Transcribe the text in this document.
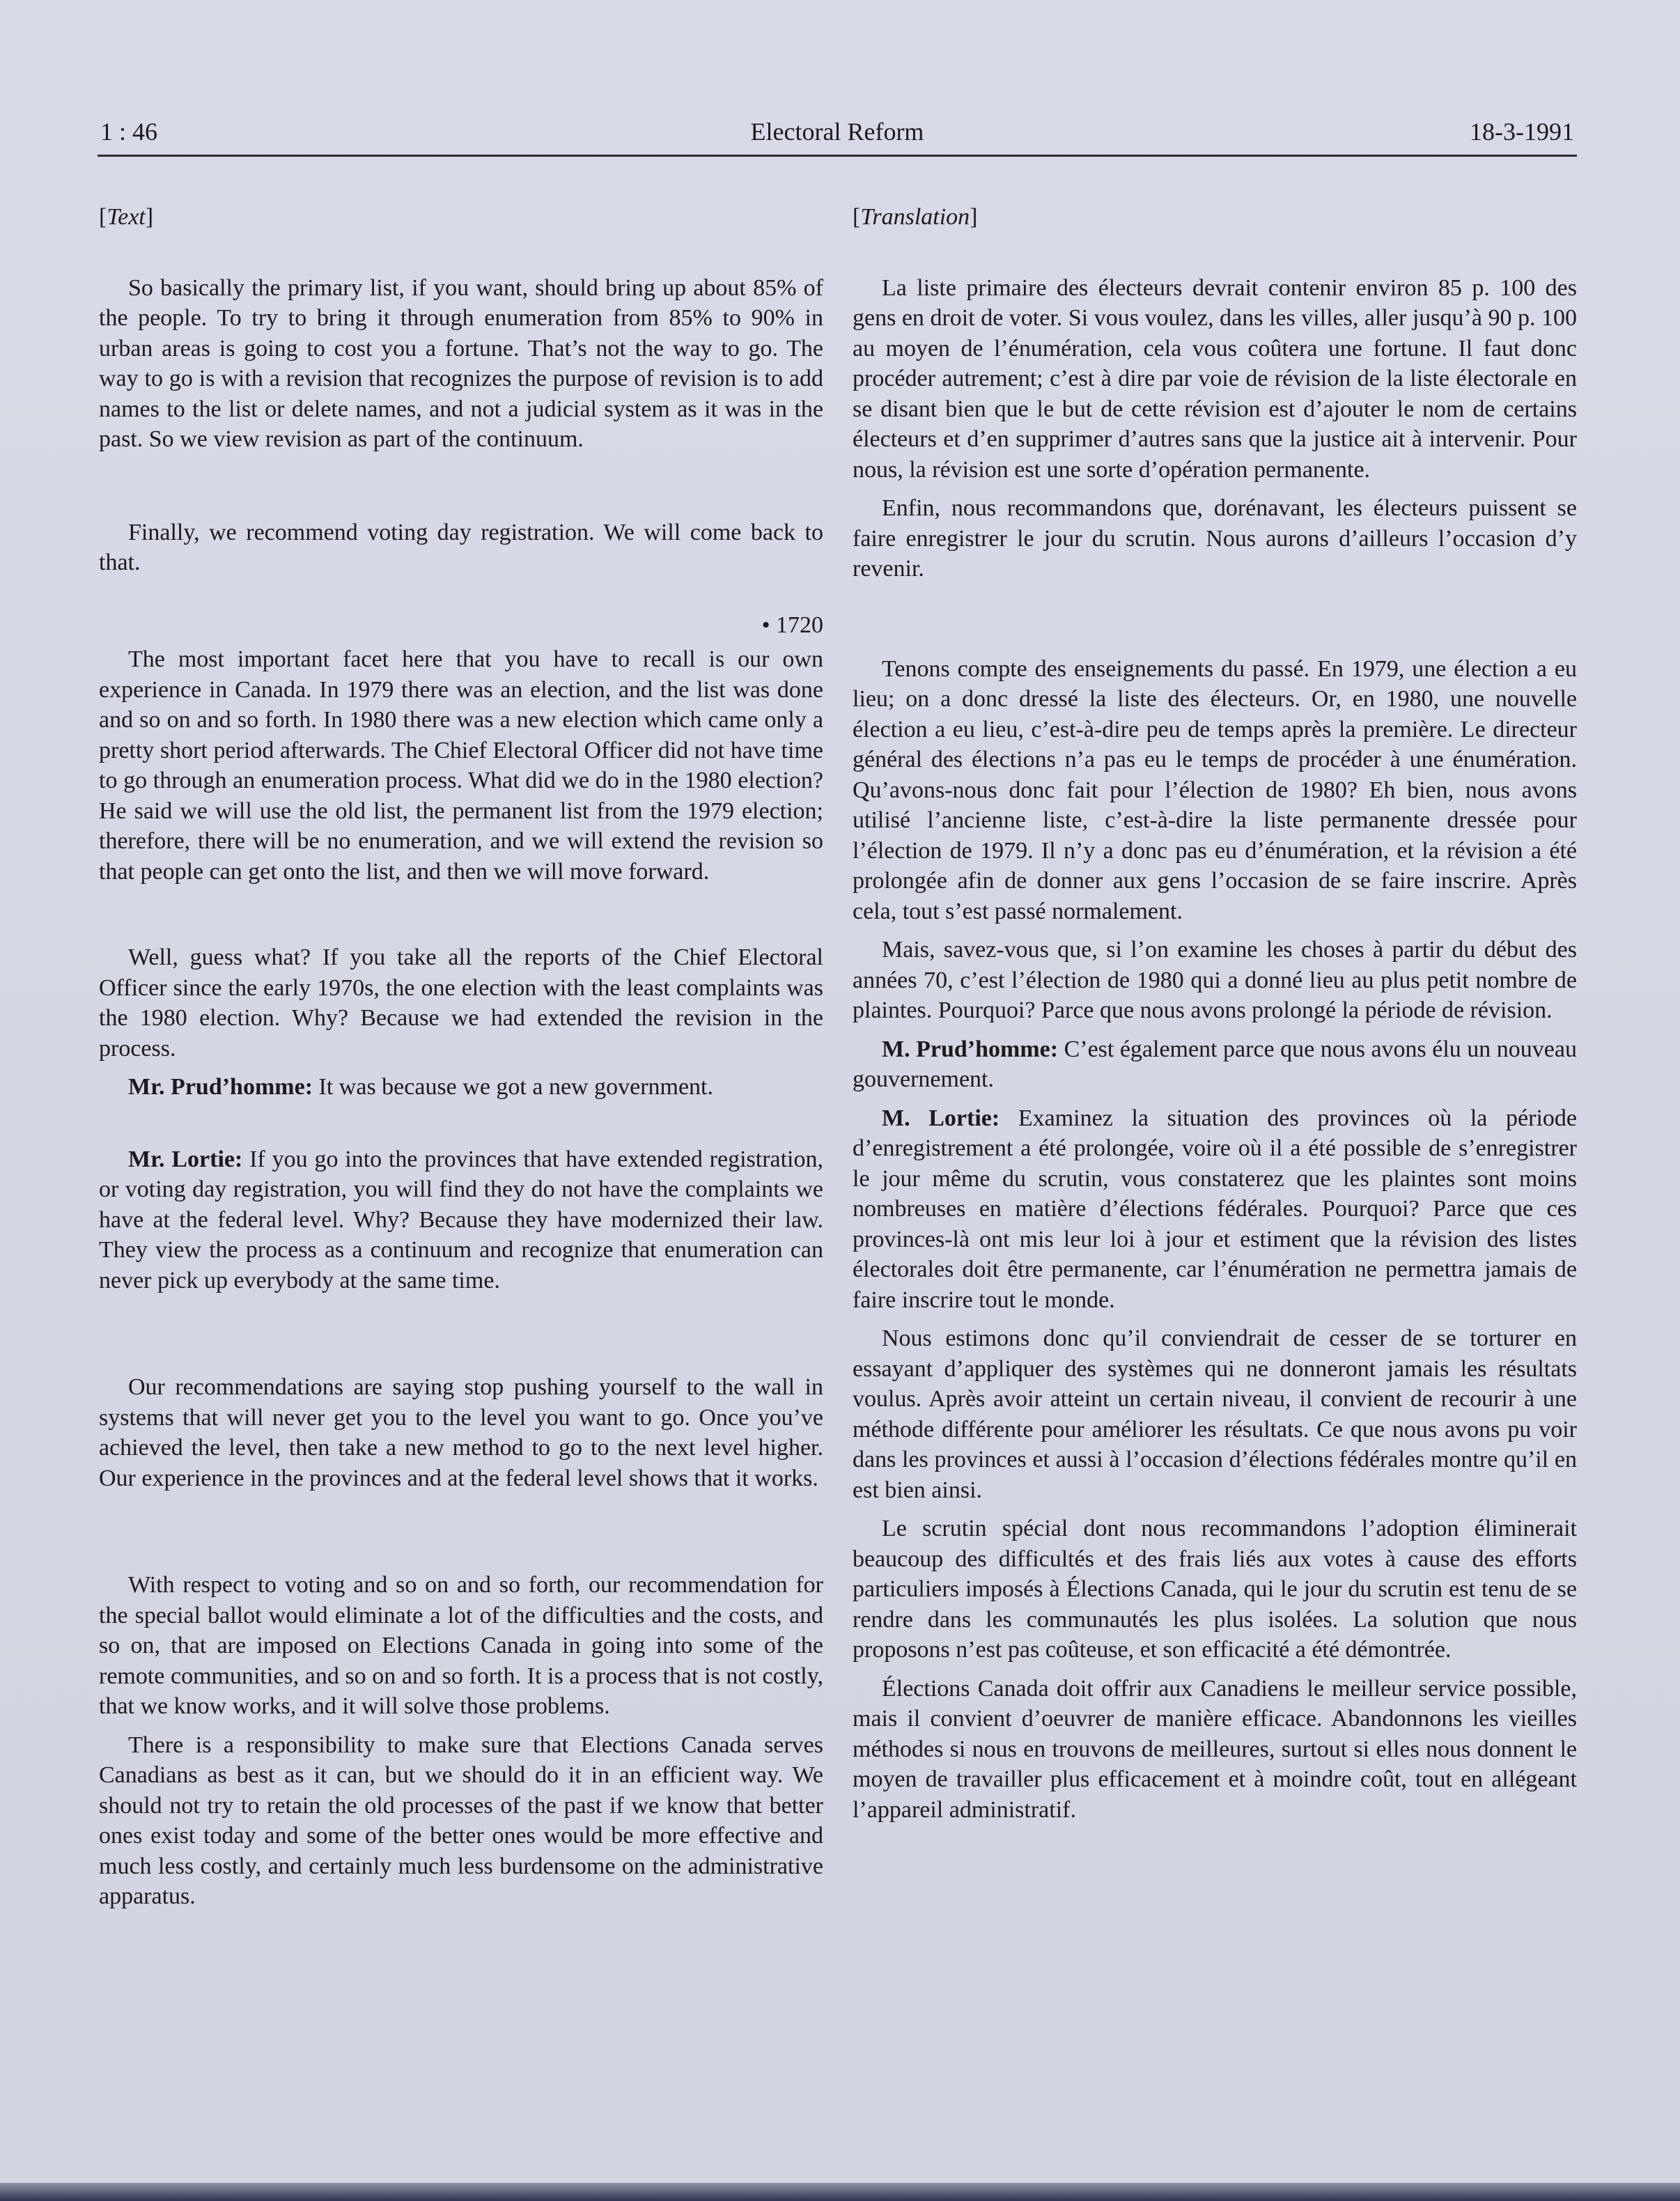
1 : 46	Electoral Reform	18-3-1991
[Text]

So basically the primary list, if you want, should bring up about 85% of the people. To try to bring it through enumeration from 85% to 90% in urban areas is going to cost you a fortune. That’s not the way to go. The way to go is with a revision that recognizes the purpose of revision is to add names to the list or delete names, and not a judicial system as it was in the past. So we view revision as part of the continuum.

Finally, we recommend voting day registration. We will come back to that.

• 1720

The most important facet here that you have to recall is our own experience in Canada. In 1979 there was an election, and the list was done and so on and so forth. In 1980 there was a new election which came only a pretty short period afterwards. The Chief Electoral Officer did not have time to go through an enumeration process. What did we do in the 1980 election? He said we will use the old list, the permanent list from the 1979 election; therefore, there will be no enumeration, and we will extend the revision so that people can get onto the list, and then we will move forward.

Well, guess what? If you take all the reports of the Chief Electoral Officer since the early 1970s, the one election with the least complaints was the 1980 election. Why? Because we had extended the revision in the process.

Mr. Prud’homme: It was because we got a new government.

Mr. Lortie: If you go into the provinces that have extended registration, or voting day registration, you will find they do not have the complaints we have at the federal level. Why? Because they have modernized their law. They view the process as a continuum and recognize that enumeration can never pick up everybody at the same time.

Our recommendations are saying stop pushing yourself to the wall in systems that will never get you to the level you want to go. Once you’ve achieved the level, then take a new method to go to the next level higher. Our experience in the provinces and at the federal level shows that it works.

With respect to voting and so on and so forth, our recommendation for the special ballot would eliminate a lot of the difficulties and the costs, and so on, that are imposed on Elections Canada in going into some of the remote communities, and so on and so forth. It is a process that is not costly, that we know works, and it will solve those problems.

There is a responsibility to make sure that Elections Canada serves Canadians as best as it can, but we should do it in an efficient way. We should not try to retain the old processes of the past if we know that better ones exist today and some of the better ones would be more effective and much less costly, and certainly much less burdensome on the administrative apparatus.

[Translation]

La liste primaire des électeurs devrait contenir environ 85 p. 100 des gens en droit de voter. Si vous voulez, dans les villes, aller jusqu’à 90 p. 100 au moyen de l’énumération, cela vous coûtera une fortune. Il faut donc procéder autrement; c’est à dire par voie de révision de la liste électorale en se disant bien que le but de cette révision est d’ajouter le nom de certains électeurs et d’en supprimer d’autres sans que la justice ait à intervenir. Pour nous, la révision est une sorte d’opération permanente.

Enfin, nous recommandons que, dorénavant, les électeurs puissent se faire enregistrer le jour du scrutin. Nous aurons d’ailleurs l’occasion d’y revenir.

Tenons compte des enseignements du passé. En 1979, une élection a eu lieu; on a donc dressé la liste des électeurs. Or, en 1980, une nouvelle élection a eu lieu, c’est-à-dire peu de temps après la première. Le directeur général des élections n’a pas eu le temps de procéder à une énumération. Qu’avons-nous donc fait pour l’élection de 1980? Eh bien, nous avons utilisé l’ancienne liste, c’est-à-dire la liste permanente dressée pour l’élection de 1979. Il n’y a donc pas eu d’énumération, et la révision a été prolongée afin de donner aux gens l’occasion de se faire inscrire. Après cela, tout s’est passé normalement.

Mais, savez-vous que, si l’on examine les choses à partir du début des années 70, c’est l’élection de 1980 qui a donné lieu au plus petit nombre de plaintes. Pourquoi? Parce que nous avons prolongé la période de révision.

M. Prud’homme: C’est également parce que nous avons élu un nouveau gouvernement.

M. Lortie: Examinez la situation des provinces où la période d’enregistrement a été prolongée, voire où il a été possible de s’enregistrer le jour même du scrutin, vous constaterez que les plaintes sont moins nombreuses en matière d’élections fédérales. Pourquoi? Parce que ces provinces-là ont mis leur loi à jour et estiment que la révision des listes électorales doit être permanente, car l’énumération ne permettra jamais de faire inscrire tout le monde.

Nous estimons donc qu’il conviendrait de cesser de se torturer en essayant d’appliquer des systèmes qui ne donneront jamais les résultats voulus. Après avoir atteint un certain niveau, il convient de recourir à une méthode différente pour améliorer les résultats. Ce que nous avons pu voir dans les provinces et aussi à l’occasion d’élections fédérales montre qu’il en est bien ainsi.

Le scrutin spécial dont nous recommandons l’adoption éliminerait beaucoup des difficultés et des frais liés aux votes à cause des efforts particuliers imposés à Élections Canada, qui le jour du scrutin est tenu de se rendre dans les communautés les plus isolées. La solution que nous proposons n’est pas coûteuse, et son efficacité a été démontrée.

Élections Canada doit offrir aux Canadiens le meilleur service possible, mais il convient d’oeuvrer de manière efficace. Abandonnons les vieilles méthodes si nous en trouvons de meilleures, surtout si elles nous donnent le moyen de travailler plus efficacement et à moindre coût, tout en allégeant l’appareil administratif.
